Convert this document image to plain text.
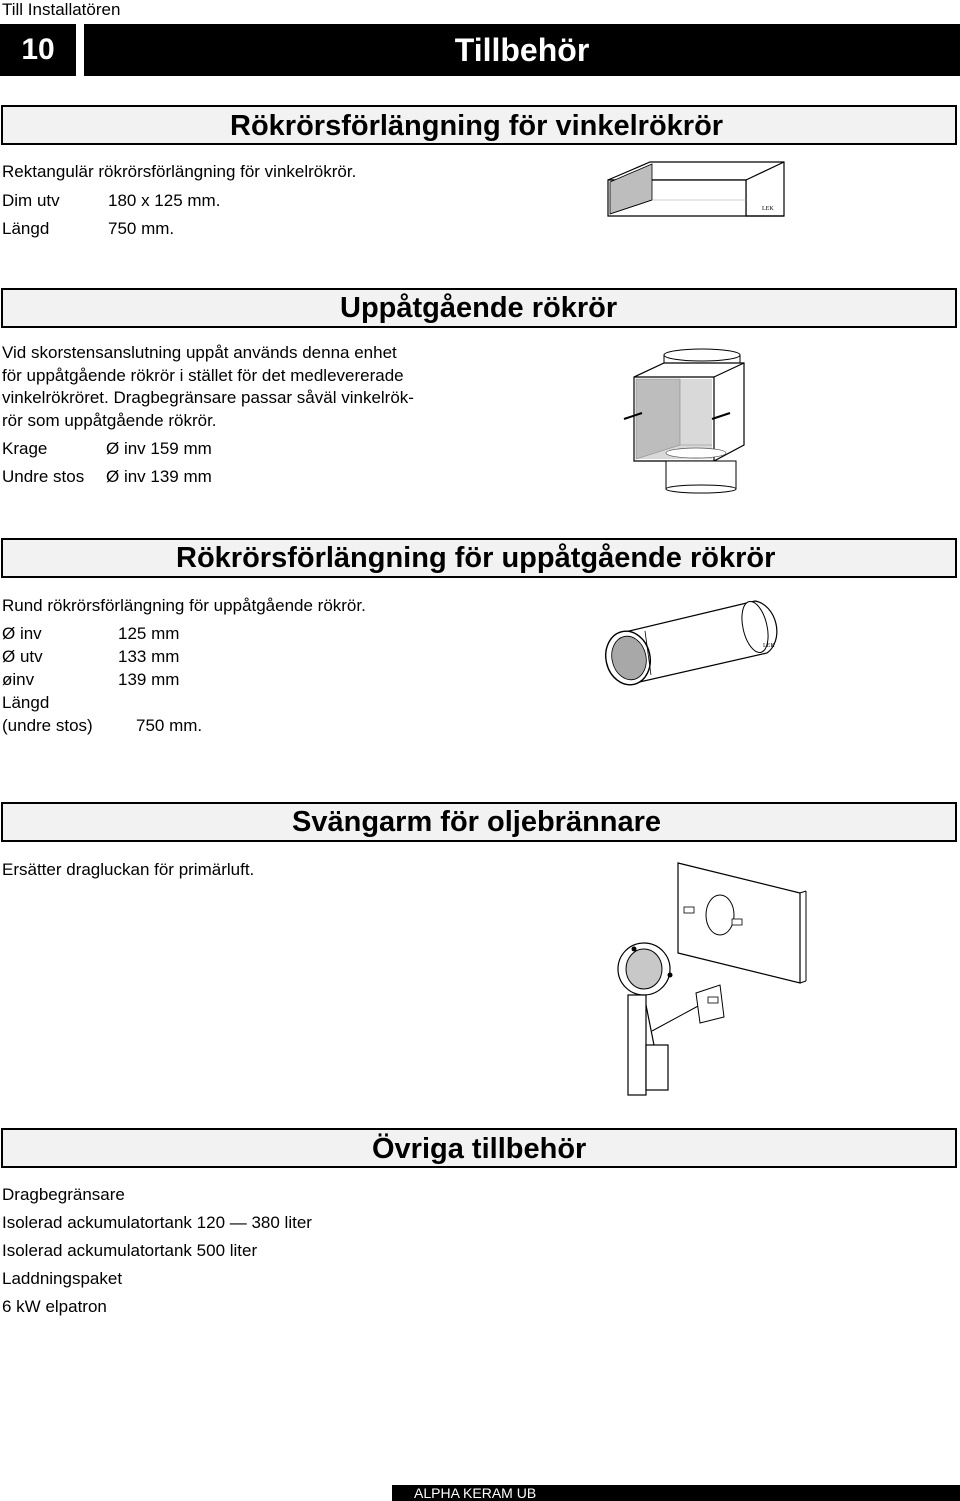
Till Installatören
10	Tillbehör
Rökrörsförlängning för vinkelrökrör
Rektangulär rökrörsförlängning för vinkelrökrör.
Dim utv	180 x 125 mm.
Längd	750 mm.
LEK
Uppåtgående rökrör
Vid skorstensanslutning uppåt används denna enhet
för uppåtgående rökrör i stället för det medlevererade
vinkelrökröret. Dragbegränsare passar såväl vinkelrök-
rör som uppåtgående rökrör.
Krage	Ø inv 159 mm
Undre stos Ø inv 139 mm
Rökrörsförlängning för uppåtgående rökrör
Rund rökrörsförlängning för uppåtgående rökrör.
Ø inv	125 mm
Ø utv	133 mm
øinv	139 mm
Längd
(undre stos)	750 mm.
LEK
Svängarm för oljebrännare
Ersätter dragluckan för primärluft.
Övriga tillbehör
Dragbegränsare
Isolerad ackumulatortank 120 — 380 liter
Isolerad ackumulatortank 500 liter
Laddningspaket
6 kW elpatron
ALPHA KERAM UB
